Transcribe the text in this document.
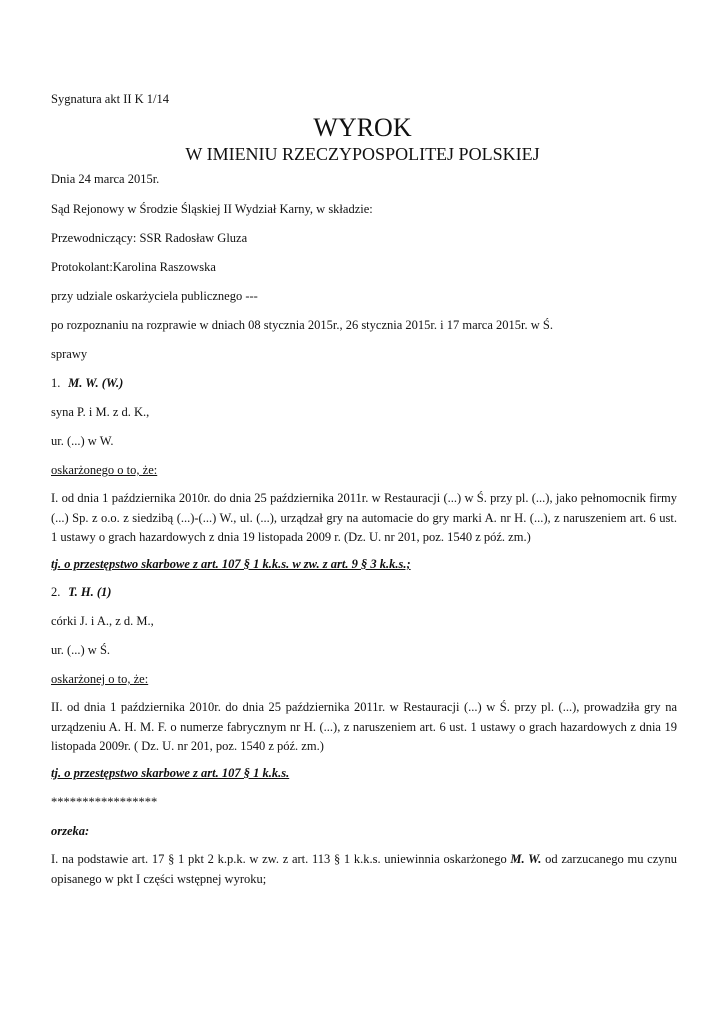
Sygnatura akt II K 1/14
WYROK
W IMIENIU RZECZYPOSPOLITEJ POLSKIEJ
Dnia 24 marca 2015r.
Sąd Rejonowy w Środzie Śląskiej II Wydział Karny, w składzie:
Przewodniczący: SSR Radosław Gluza
Protokolant:Karolina Raszowska
przy udziale oskarżyciela publicznego ---
po rozpoznaniu na rozprawie w dniach 08 stycznia 2015r., 26 stycznia 2015r. i 17 marca 2015r. w Ś.
sprawy
1. M. W. (W.)
syna P. i M. z d. K.,
ur. (...) w W.
oskarżonego o to, że:
I. od dnia 1 października 2010r. do dnia 25 października 2011r. w Restauracji (...) w Ś. przy pl. (...), jako pełnomocnik firmy (...) Sp. z o.o. z siedzibą (...)-(...) W., ul. (...), urządzał gry na automacie do gry marki A. nr H. (...), z naruszeniem art. 6 ust. 1 ustawy o grach hazardowych z dnia 19 listopada 2009 r. (Dz. U. nr 201, poz. 1540 z póź. zm.)
tj. o przestępstwo skarbowe z art. 107 § 1 k.k.s. w zw. z art. 9 § 3 k.k.s.;
2. T. H. (1)
córki J. i A., z d. M.,
ur. (...) w Ś.
oskarżonej o to, że:
II. od dnia 1 października 2010r. do dnia 25 października 2011r. w Restauracji (...) w Ś. przy pl. (...), prowadziła gry na urządzeniu A. H. M. F. o numerze fabrycznym nr H. (...), z naruszeniem art. 6 ust. 1 ustawy o grach hazardowych z dnia 19 listopada 2009r. ( Dz. U. nr 201, poz. 1540 z póź. zm.)
tj. o przestępstwo skarbowe z art. 107 § 1 k.k.s.
*****************
orzeka:
I. na podstawie art. 17 § 1 pkt 2 k.p.k. w zw. z art. 113 § 1 k.k.s. uniewinnia oskarżonego M. W. od zarzucanego mu czynu opisanego w pkt I części wstępnej wyroku;
